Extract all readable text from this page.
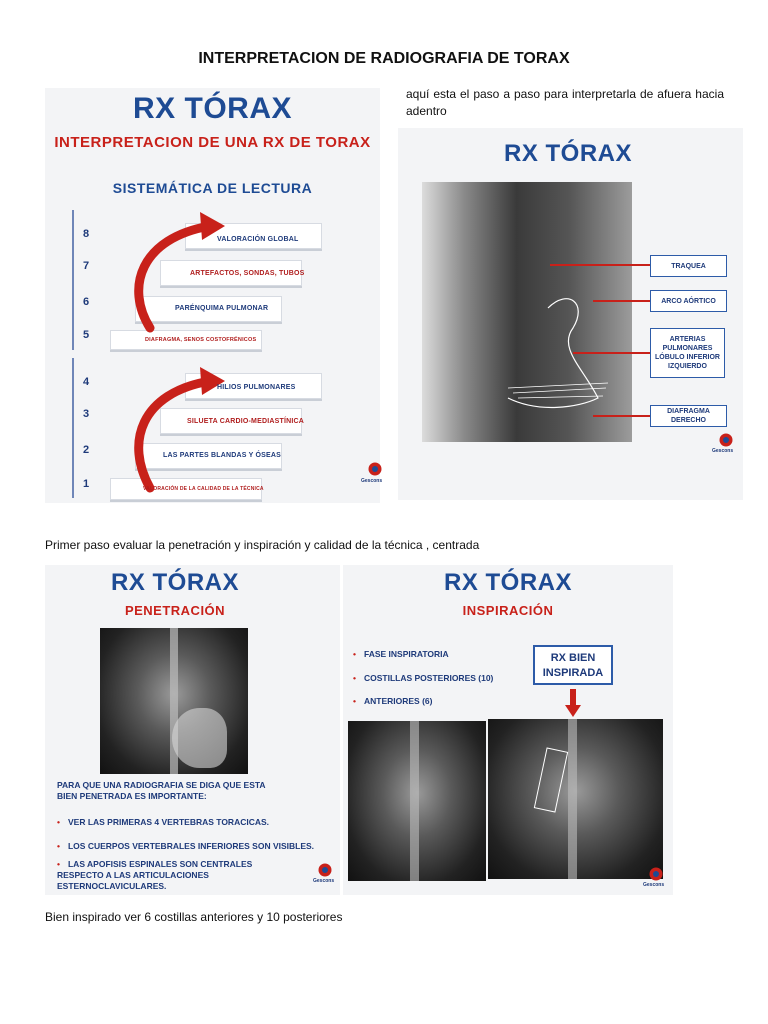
INTERPRETACION DE RADIOGRAFIA DE TORAX
RX TÓRAX
INTERPRETACION DE UNA RX DE TORAX
SISTEMÁTICA DE LECTURA
8
7
6
5
4
3
2
1
VALORACIÓN GLOBAL
ARTEFACTOS, SONDAS, TUBOS
PARÉNQUIMA PULMONAR
DIAFRAGMA, SENOS COSTOFRÉNICOS
HILIOS PULMONARES
SILUETA CARDIO-MEDIASTÍNICA
LAS PARTES BLANDAS Y ÓSEAS
VALORACIÓN DE LA CALIDAD DE LA TÉCNICA
Gescons
aquí esta el paso a paso para interpretarla de afuera hacia adentro
RX TÓRAX
TRAQUEA
ARCO AÓRTICO
ARTERIAS PULMONARES LÓBULO INFERIOR IZQUIERDO
DIAFRAGMA DERECHO
Gescons
Primer paso evaluar la penetración y inspiración y calidad de la técnica , centrada
RX TÓRAX
PENETRACIÓN
PARA QUE UNA RADIOGRAFIA SE DIGA QUE ESTA BIEN PENETRADA ES IMPORTANTE:
• VER LAS PRIMERAS 4 VERTEBRAS TORACICAS.
• LOS CUERPOS VERTEBRALES INFERIORES SON VISIBLES.
• LAS APOFISIS ESPINALES SON CENTRALES RESPECTO A LAS ARTICULACIONES ESTERNOCLAVICULARES.	Gescons
RX TÓRAX
INSPIRACIÓN
• FASE INSPIRATORIA
• COSTILLAS POSTERIORES (10)
• ANTERIORES (6)
RX BIEN INSPIRADA
Gescons
Bien inspirado ver 6 costillas anteriores y 10 posteriores
